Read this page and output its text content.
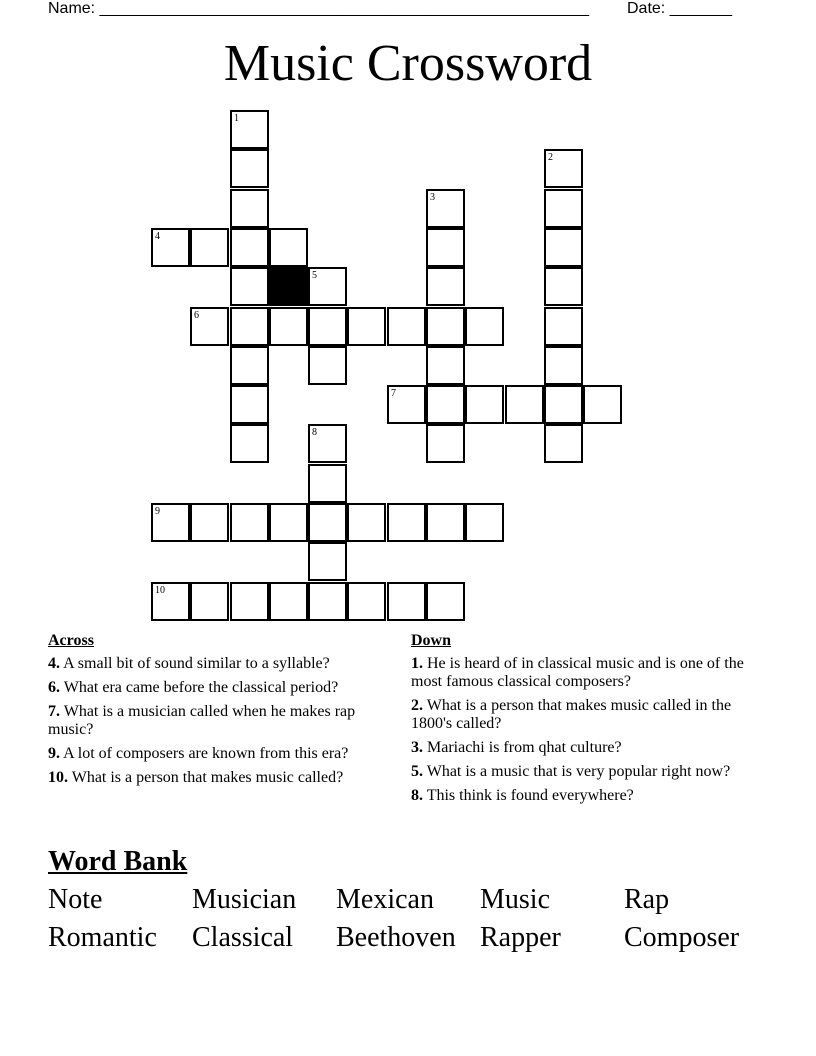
Name: _______________________________________________________ Date: _______
Music Crossword
1
2
3
4
5
6
7
8
9
10
Across
4. A small bit of sound similar to a syllable?
6. What era came before the classical period?
7. What is a musician called when he makes rap music?
9. A lot of composers are known from this era?
10. What is a person that makes music called?
Down
1. He is heard of in classical music and is one of the most famous classical composers?
2. What is a person that makes music called in the 1800's called?
3. Mariachi is from qhat culture?
5. What is a music that is very popular right now?
8. This think is found everywhere?
Word Bank
Note	Musician Mexican Music	Rap
Romantic Classical Beethoven Rapper Composer
